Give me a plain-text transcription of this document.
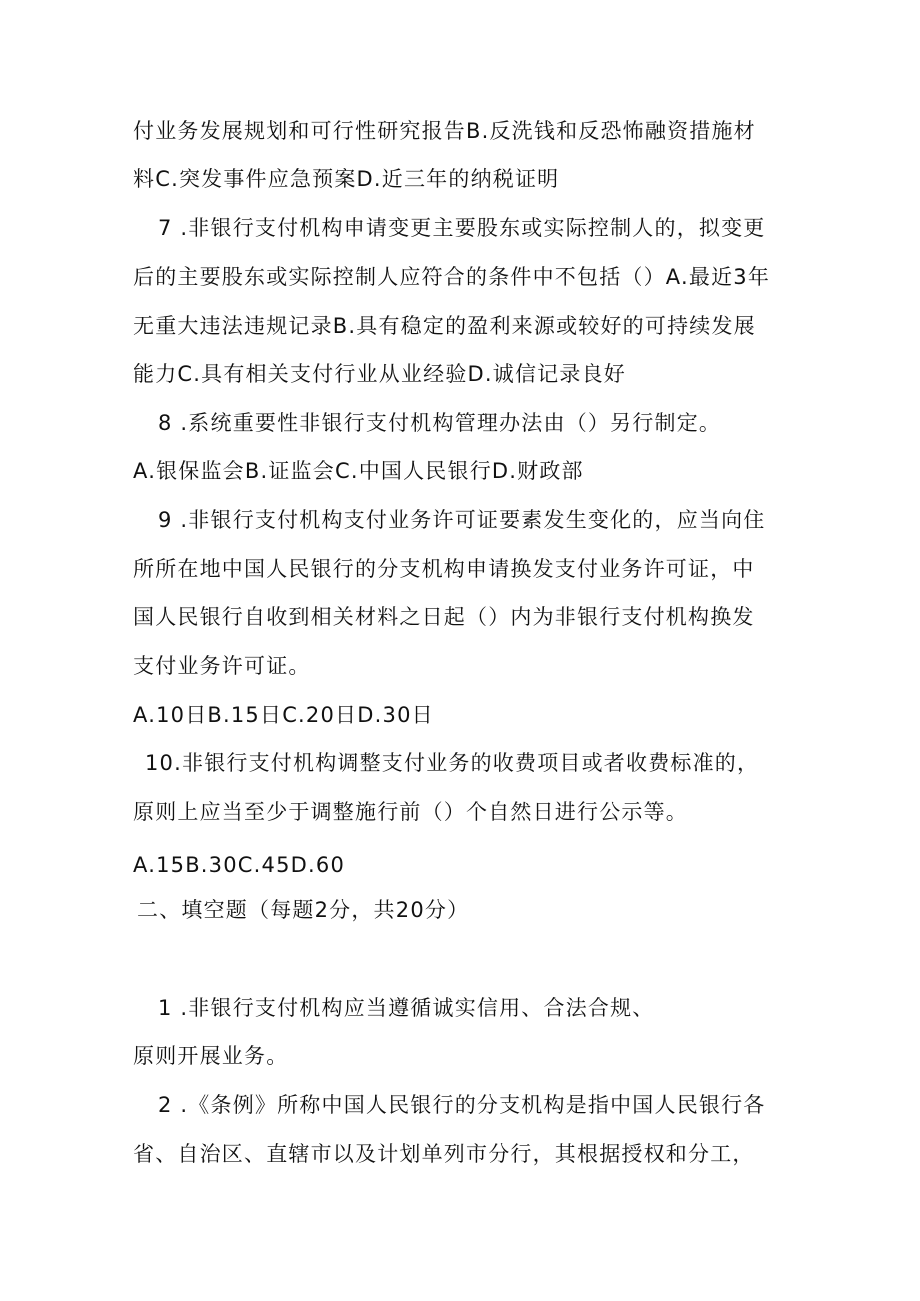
付业务发展规划和可行性研究报告B.反洗钱和反恐怖融资措施材
料C.突发事件应急预案D.近三年的纳税证明
7 .非银行支付机构申请变更主要股东或实际控制人的，拟变更
后的主要股东或实际控制人应符合的条件中不包括（）A.最近3年
无重大违法违规记录B.具有稳定的盈利来源或较好的可持续发展
能力C.具有相关支付行业从业经验D.诚信记录良好
8 .系统重要性非银行支付机构管理办法由（）另行制定。
A.银保监会B.证监会C.中国人民银行D.财政部
9 .非银行支付机构支付业务许可证要素发生变化的，应当向住
所所在地中国人民银行的分支机构申请换发支付业务许可证，中
国人民银行自收到相关材料之日起（）内为非银行支付机构换发
支付业务许可证。
A.10日B.15日C.20日D.30日
10.非银行支付机构调整支付业务的收费项目或者收费标准的，
原则上应当至少于调整施行前（）个自然日进行公示等。
A.15B.30C.45D.60
二、填空题（每题2分，共20分）
1 .非银行支付机构应当遵循诚实信用、合法合规、
原则开展业务。
2 .《条例》所称中国人民银行的分支机构是指中国人民银行各
省、自治区、直辖市以及计划单列市分行，其根据授权和分工，
